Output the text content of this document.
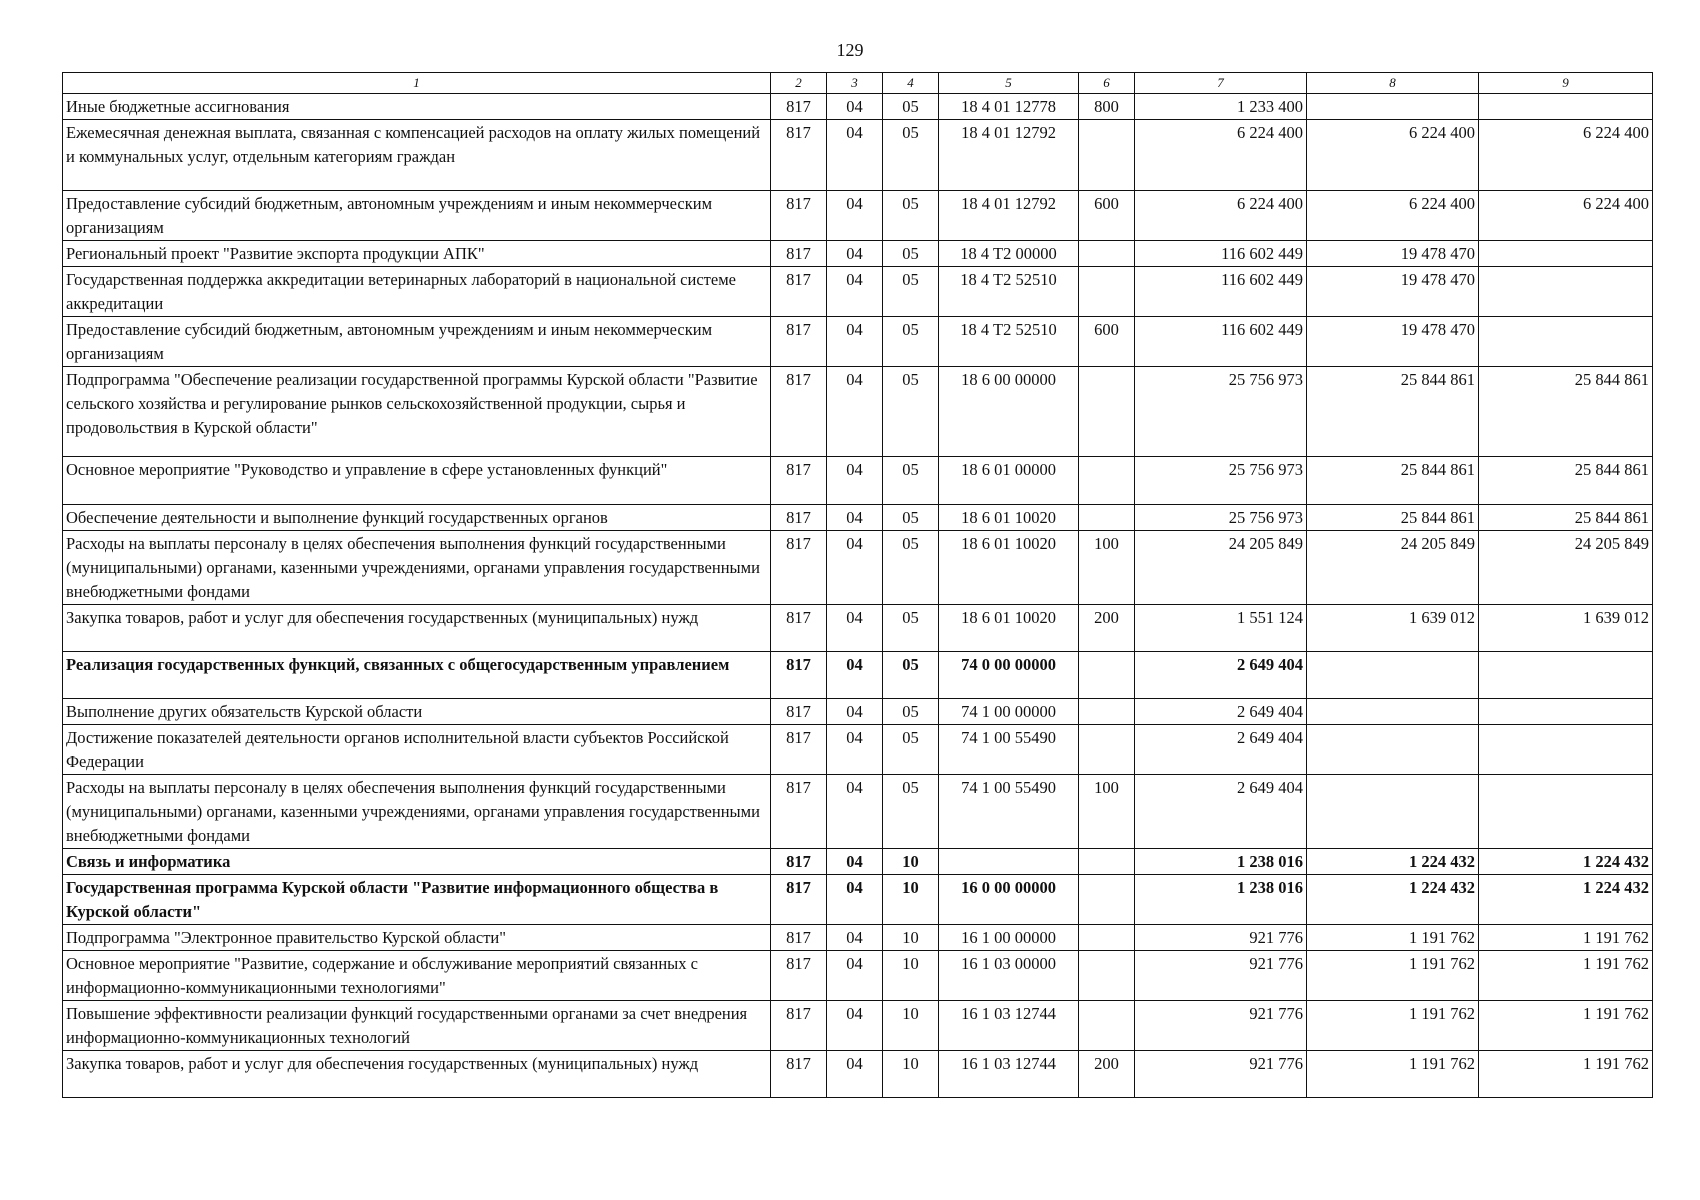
129
1	2	3	4	5	6	7	8	9
Иные бюджетные ассигнования	817	04	05	18 4 01 12778	800	1 233 400		
Ежемесячная денежная выплата, связанная с компенсацией расходов на оплату жилых помещений и коммунальных услуг, отдельным категориям граждан	817	04	05	18 4 01 12792		6 224 400	6 224 400	6 224 400
Предоставление субсидий бюджетным, автономным учреждениям и иным некоммерческим организациям	817	04	05	18 4 01 12792	600	6 224 400	6 224 400	6 224 400
Региональный проект "Развитие экспорта продукции АПК"	817	04	05	18 4 T2 00000		116 602 449	19 478 470	
Государственная поддержка аккредитации ветеринарных лабораторий в национальной системе аккредитации	817	04	05	18 4 T2 52510		116 602 449	19 478 470	
Предоставление субсидий бюджетным, автономным учреждениям и иным некоммерческим организациям	817	04	05	18 4 T2 52510	600	116 602 449	19 478 470	
Подпрограмма "Обеспечение реализации государственной программы Курской области "Развитие сельского хозяйства и регулирование рынков сельскохозяйственной продукции, сырья и продовольствия в Курской области"	817	04	05	18 6 00 00000		25 756 973	25 844 861	25 844 861
Основное мероприятие "Руководство и управление в сфере установленных функций"	817	04	05	18 6 01 00000		25 756 973	25 844 861	25 844 861
Обеспечение деятельности и выполнение функций государственных органов	817	04	05	18 6 01 10020		25 756 973	25 844 861	25 844 861
Расходы на выплаты персоналу в целях обеспечения выполнения функций государственными (муниципальными) органами, казенными учреждениями, органами управления государственными внебюджетными фондами	817	04	05	18 6 01 10020	100	24 205 849	24 205 849	24 205 849
Закупка товаров, работ и услуг для обеспечения государственных (муниципальных) нужд	817	04	05	18 6 01 10020	200	1 551 124	1 639 012	1 639 012
Реализация государственных функций, связанных с общегосударственным управлением	817	04	05	74 0 00 00000		2 649 404		
Выполнение других обязательств Курской области	817	04	05	74 1 00 00000		2 649 404		
Достижение показателей деятельности органов исполнительной власти субъектов Российской Федерации	817	04	05	74 1 00 55490		2 649 404		
Расходы на выплаты персоналу в целях обеспечения выполнения функций государственными (муниципальными) органами, казенными учреждениями, органами управления государственными внебюджетными фондами	817	04	05	74 1 00 55490	100	2 649 404		
Связь и информатика	817	04	10			1 238 016	1 224 432	1 224 432
Государственная программа Курской области "Развитие информационного общества в Курской области"	817	04	10	16 0 00 00000		1 238 016	1 224 432	1 224 432
Подпрограмма "Электронное правительство Курской области"	817	04	10	16 1 00 00000		921 776	1 191 762	1 191 762
Основное мероприятие "Развитие, содержание и обслуживание мероприятий связанных с информационно-коммуникационными технологиями"	817	04	10	16 1 03 00000		921 776	1 191 762	1 191 762
Повышение эффективности реализации функций государственными органами за счет внедрения информационно-коммуникационных технологий	817	04	10	16 1 03 12744		921 776	1 191 762	1 191 762
Закупка товаров, работ и услуг для обеспечения государственных (муниципальных) нужд	817	04	10	16 1 03 12744	200	921 776	1 191 762	1 191 762
